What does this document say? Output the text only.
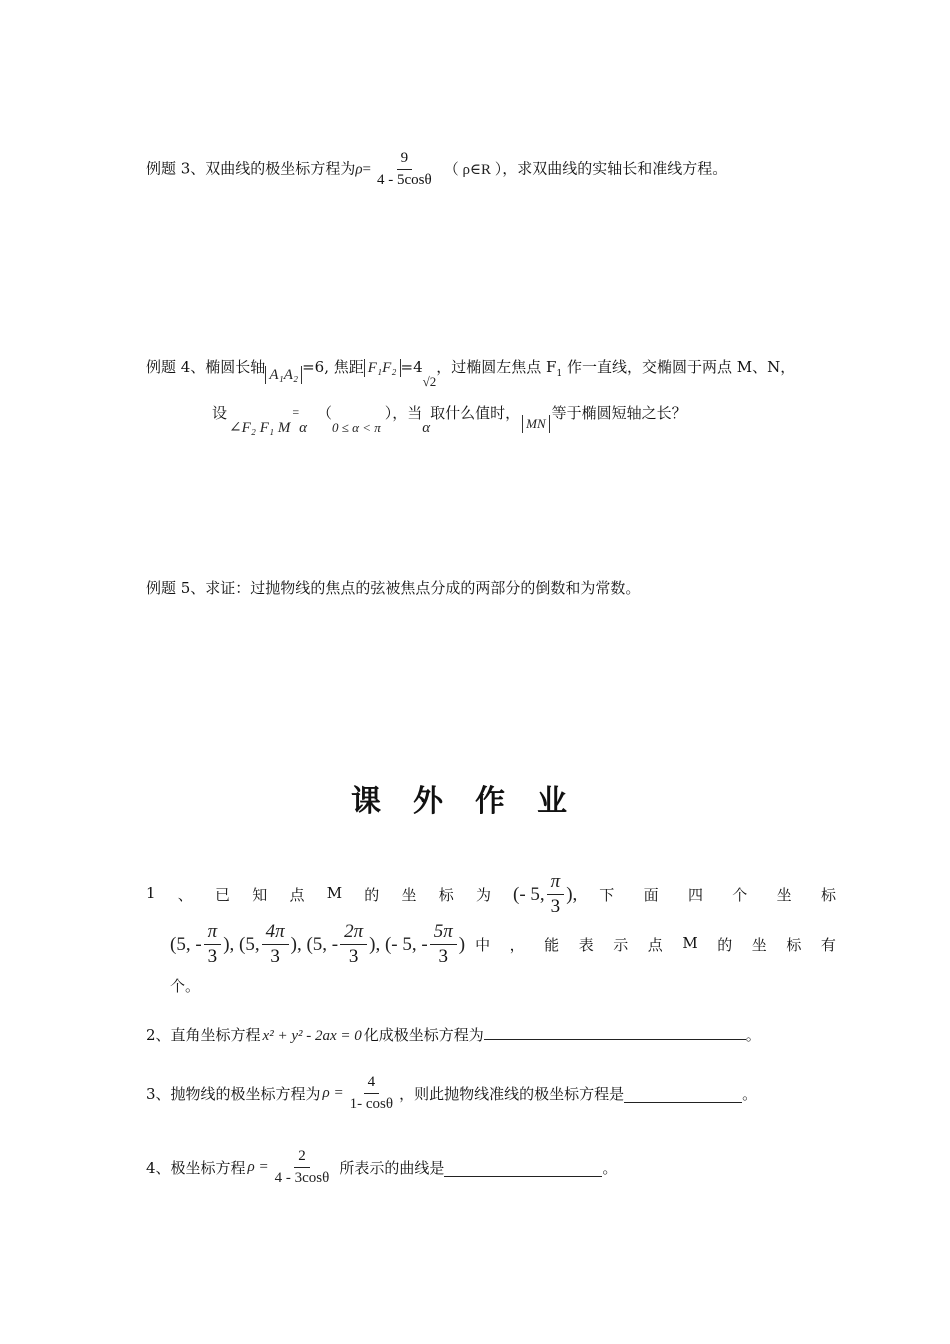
例题 3、双曲线的极坐标方程为$\rho= \frac{9}{4 - 5\cos\theta}$ （ ρ∈R ），求双曲线的实轴长和准线方程。
例题 4、椭圆长轴 A₁A₂ =6, 焦距 F₁F₂ =4√2，过椭圆左焦点 $F_1$ 作一直线，交椭圆于两点 M、N，
设∠F₂ F₁ M=α（0 ≤ α < π），当α取什么值时，MN等于椭圆短轴之长？
例题 5、求证：过抛物线的焦点的弦被焦点分成的两部分的倒数和为常数。
课外作业
1 、 已 知 点 M 的 坐 标 为 (- 5, $\frac{\pi}{3}$ ), 下 面 四 个 坐 标
(5, - $\frac{\pi}{3}$ ), (5, $\frac{4\pi}{3}$ ), (5, - $\frac{2\pi}{3}$ ), (- 5, - $\frac{5\pi}{3}$ ) 中 ， 能 表 示 点 M 的 坐 标 有
个。
2、直角坐标方程 x² + y² - 2ax = 0 化成极坐标方程为	。
3、抛物线的极坐标方程为 $\rho = \frac{4}{1- \cos\theta}$ ，则此抛物线准线的极坐标方程是	。
4、极坐标方程 $\rho = \frac{2}{4 - 3\cos\theta}$ 所表示的曲线是	。
